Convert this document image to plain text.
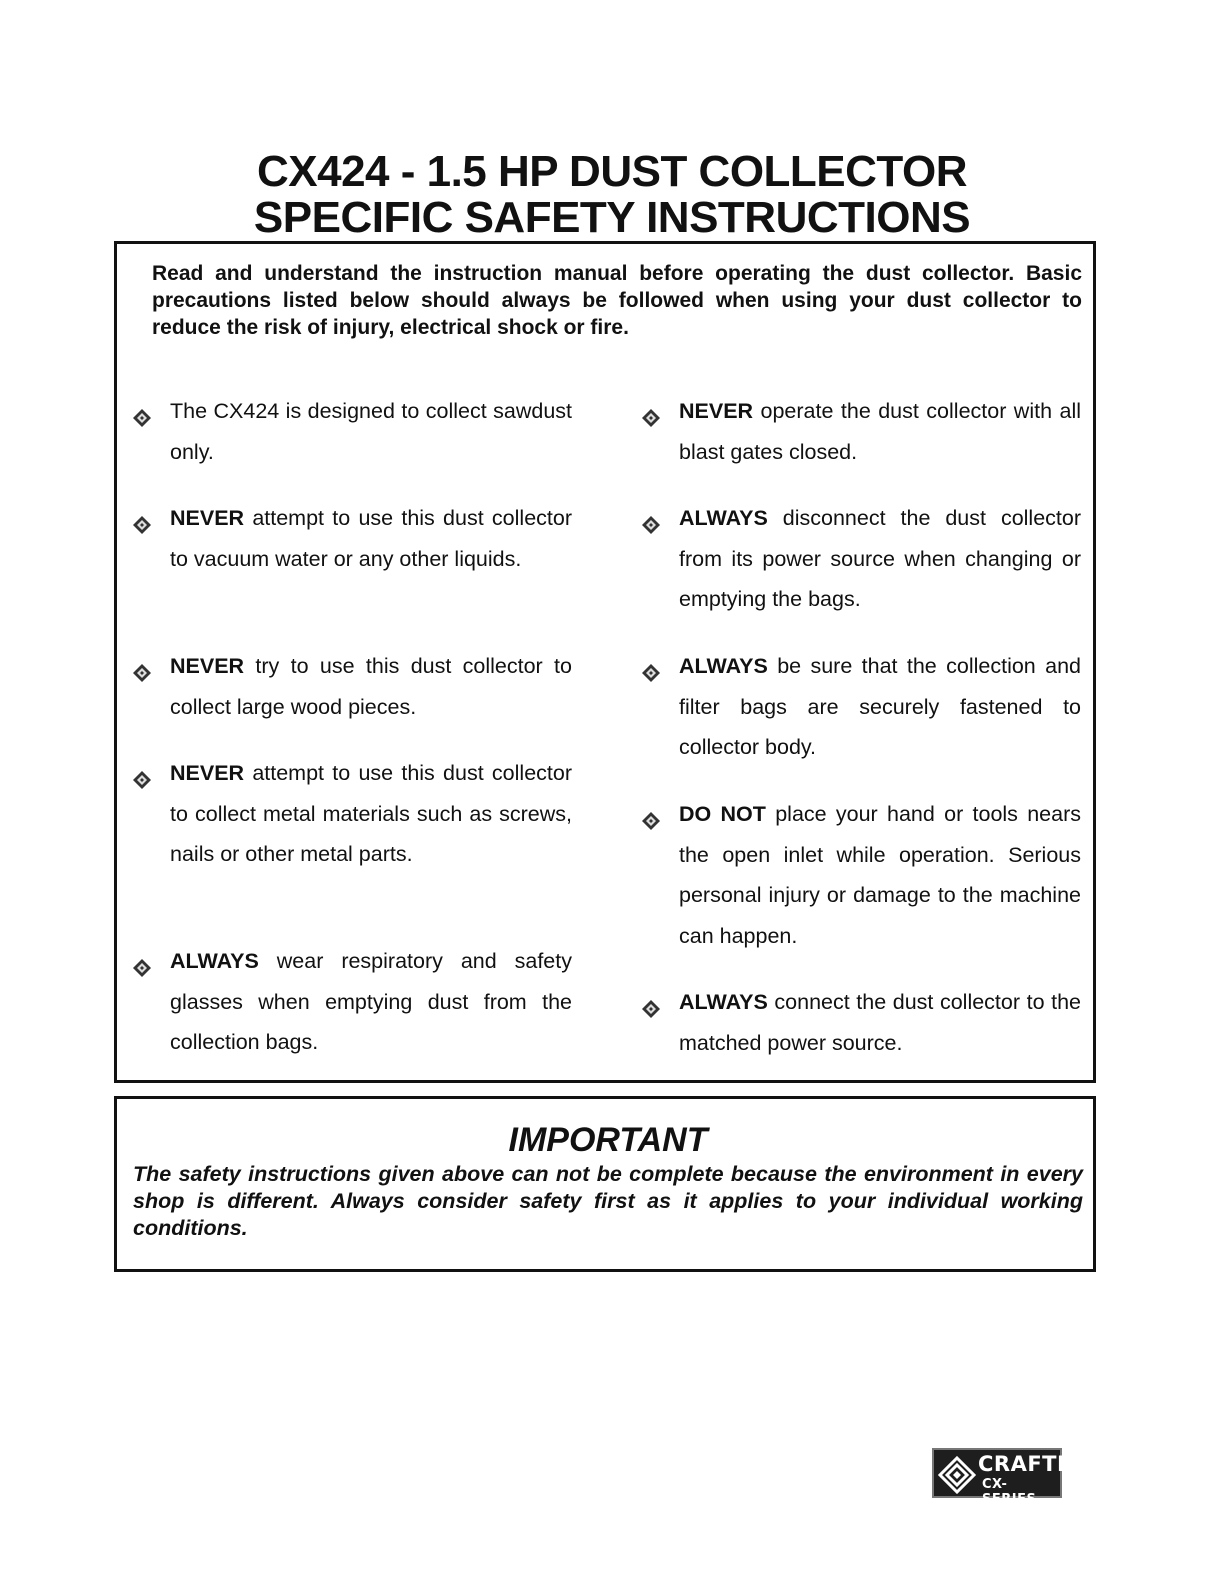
CX424 - 1.5 HP DUST COLLECTOR
SPECIFIC SAFETY INSTRUCTIONS
Read and understand the instruction manual before operating the dust collector. Basic precautions listed below should always be followed when using your dust collector to reduce the risk of injury, electrical shock or fire.
The CX424 is designed to collect sawdust only.
NEVER attempt to use this dust collector to vacuum water or any other liquids.
NEVER try to use this dust collector to collect large wood pieces.
NEVER attempt to use this dust collector to collect metal materials such as screws, nails or other metal parts.
ALWAYS wear respiratory and safety glasses when emptying dust from the collection bags.
NEVER operate the dust collector with all blast gates closed.
ALWAYS disconnect the dust collector from its power source when changing or emptying the bags.
ALWAYS be sure that the collection and filter bags are securely fastened to collector body.
DO NOT place your hand or tools nears the open inlet while operation. Serious personal injury or damage to the machine can happen.
ALWAYS connect the dust collector to the matched power source.
IMPORTANT
The safety instructions given above can not be complete because the environment in every shop is different. Always consider safety first as it applies to your individual working conditions.
CRAFTEX
CX-SERIES
